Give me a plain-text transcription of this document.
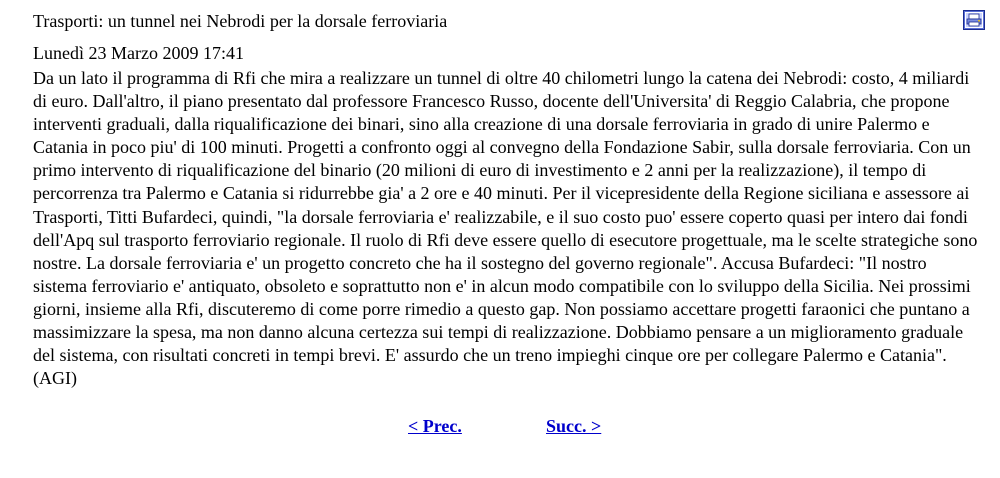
Trasporti: un tunnel nei Nebrodi per la dorsale ferroviaria
Lunedì 23 Marzo 2009 17:41

Da un lato il programma di Rfi che mira a realizzare un tunnel di oltre 40 chilometri lungo la catena dei Nebrodi: costo, 4 miliardi di euro. Dall'altro, il piano presentato dal professore Francesco Russo, docente dell'Universita' di Reggio Calabria, che propone interventi graduali, dalla riqualificazione dei binari, sino alla creazione di una dorsale ferroviaria in grado di unire Palermo e Catania in poco piu' di 100 minuti. Progetti a confronto oggi al convegno della Fondazione Sabir, sulla dorsale ferroviaria. Con un primo intervento di riqualificazione del binario (20 milioni di euro di investimento e 2 anni per la realizzazione), il tempo di percorrenza tra Palermo e Catania si ridurrebbe gia' a 2 ore e 40 minuti. Per il vicepresidente della Regione siciliana e assessore ai Trasporti, Titti Bufardeci, quindi, "la dorsale ferroviaria e' realizzabile, e il suo costo puo' essere coperto quasi per intero dai fondi dell'Apq sul trasporto ferroviario regionale. Il ruolo di Rfi deve essere quello di esecutore progettuale, ma le scelte strategiche sono nostre. La dorsale ferroviaria e' un progetto concreto che ha il sostegno del governo regionale". Accusa Bufardeci: "Il nostro sistema ferroviario e' antiquato, obsoleto e soprattutto non e' in alcun modo compatibile con lo sviluppo della Sicilia. Nei prossimi giorni, insieme alla Rfi, discuteremo di come porre rimedio a questo gap. Non possiamo accettare progetti faraonici che puntano a massimizzare la spesa, ma non danno alcuna certezza sui tempi di realizzazione. Dobbiamo pensare a un miglioramento graduale del sistema, con risultati concreti in tempi brevi. E' assurdo che un treno impieghi cinque ore per collegare Palermo e Catania". (AGI)

< Prec.	Succ. >
